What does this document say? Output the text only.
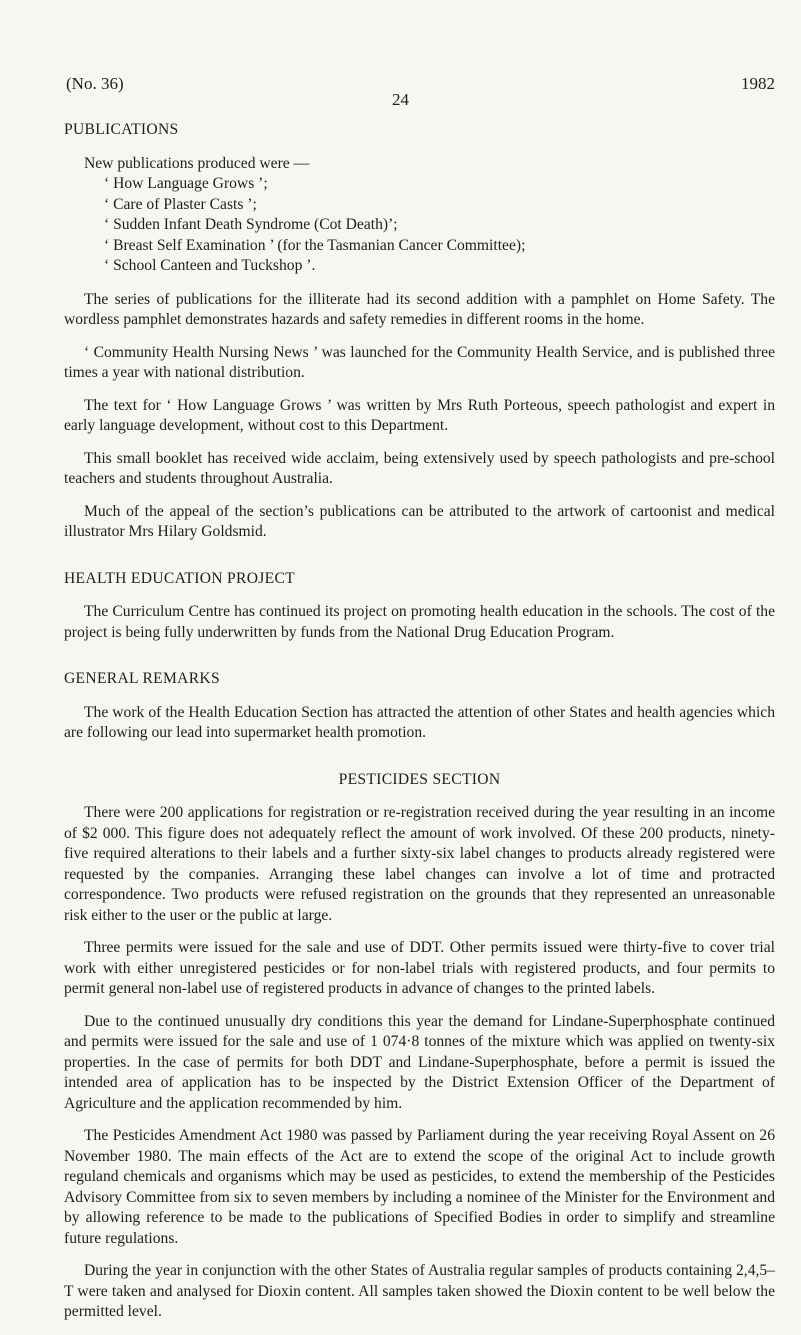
(No. 36)	1982
24
PUBLICATIONS

New publications produced were —

‘ How Language Grows ’;
‘ Care of Plaster Casts ’;
‘ Sudden Infant Death Syndrome (Cot Death)’;
‘ Breast Self Examination ’ (for the Tasmanian Cancer Committee);
‘ School Canteen and Tuckshop ’.

The series of publications for the illiterate had its second addition with a pamphlet on Home Safety. The wordless pamphlet demonstrates hazards and safety remedies in different rooms in the home.

‘ Community Health Nursing News ’ was launched for the Community Health Service, and is published three times a year with national distribution.

The text for ‘ How Language Grows ’ was written by Mrs Ruth Porteous, speech pathologist and expert in early language development, without cost to this Department.

This small booklet has received wide acclaim, being extensively used by speech pathologists and pre-school teachers and students throughout Australia.

Much of the appeal of the section’s publications can be attributed to the artwork of cartoonist and medical illustrator Mrs Hilary Goldsmid.

HEALTH EDUCATION PROJECT

The Curriculum Centre has continued its project on promoting health education in the schools. The cost of the project is being fully underwritten by funds from the National Drug Education Program.

GENERAL REMARKS

The work of the Health Education Section has attracted the attention of other States and health agencies which are following our lead into supermarket health promotion.

PESTICIDES SECTION

There were 200 applications for registration or re-registration received during the year resulting in an income of $2 000. This figure does not adequately reflect the amount of work involved. Of these 200 products, ninety-five required alterations to their labels and a further sixty-six label changes to products already registered were requested by the companies. Arranging these label changes can involve a lot of time and protracted correspondence. Two products were refused registration on the grounds that they represented an unreasonable risk either to the user or the public at large.

Three permits were issued for the sale and use of DDT. Other permits issued were thirty-five to cover trial work with either unregistered pesticides or for non-label trials with registered products, and four permits to permit general non-label use of registered products in advance of changes to the printed labels.

Due to the continued unusually dry conditions this year the demand for Lindane-Superphosphate continued and permits were issued for the sale and use of 1 074·8 tonnes of the mixture which was applied on twenty-six properties. In the case of permits for both DDT and Lindane-Superphosphate, before a permit is issued the intended area of application has to be inspected by the District Extension Officer of the Department of Agriculture and the application recommended by him.

The Pesticides Amendment Act 1980 was passed by Parliament during the year receiving Royal Assent on 26 November 1980. The main effects of the Act are to extend the scope of the original Act to include growth reguland chemicals and organisms which may be used as pesticides, to extend the membership of the Pesticides Advisory Committee from six to seven members by including a nominee of the Minister for the Environment and by allowing reference to be made to the publications of Specified Bodies in order to simplify and streamline future regulations.

During the year in conjunction with the other States of Australia regular samples of products containing 2,4,5–T were taken and analysed for Dioxin content. All samples taken showed the Dioxin content to be well below the permitted level.
